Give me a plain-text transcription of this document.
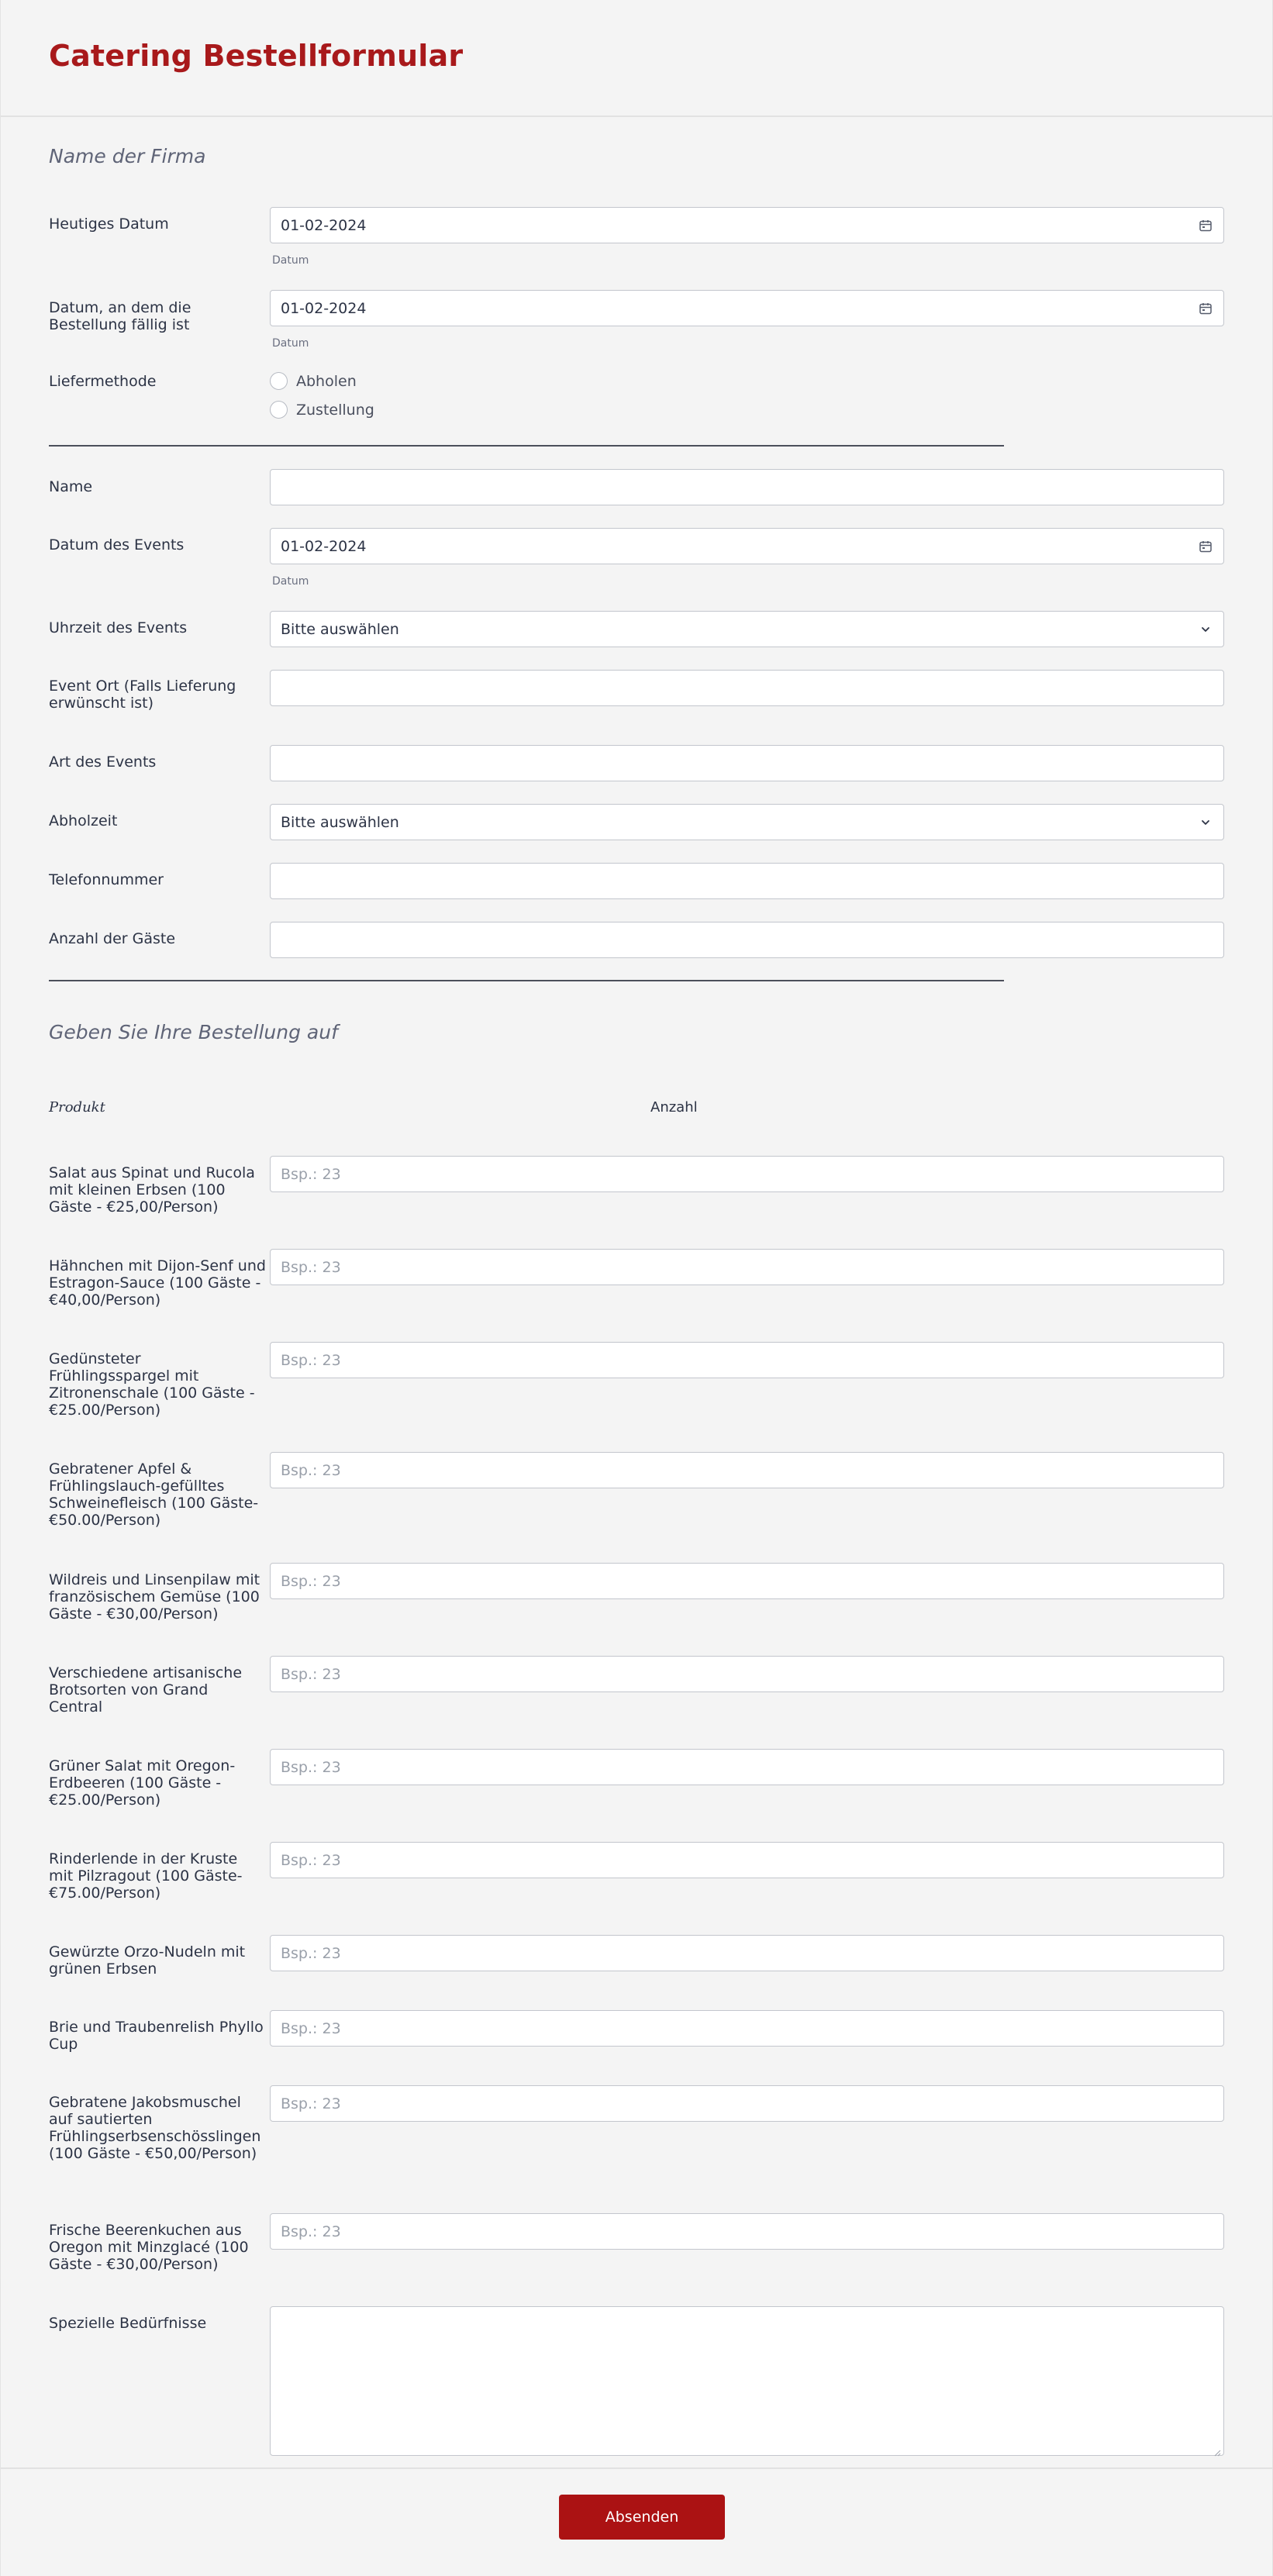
Catering Bestellformular
Name der Firma
Heutiges Datum	01-02-2024
Datum
Datum, an dem die Bestellung fällig ist
01-02-2024
Datum
Liefermethode	Abholen
Zustellung
Name
Datum des Events	01-02-2024
Datum
Uhrzeit des Events	Bitte auswählen
Event Ort (Falls Lieferung erwünscht ist)
Art des Events
Abholzeit	Bitte auswählen
Telefonnummer
Anzahl der Gäste
Geben Sie Ihre Bestellung auf
Produkt	Anzahl
Salat aus Spinat und Rucola mit kleinen Erbsen (100 Gäste - €25,00/Person)
Bsp.: 23
Hähnchen mit Dijon-Senf und Estragon-Sauce (100 Gäste - €40,00/Person)
Bsp.: 23
Gedünsteter Frühlingsspargel mit Zitronenschale (100 Gäste - €25.00/Person)
Bsp.: 23
Gebratener Apfel & Frühlingslauch-gefülltes Schweinefleisch (100 Gäste- €50.00/Person)
Bsp.: 23
Wildreis und Linsenpilaw mit französischem Gemüse (100 Gäste - €30,00/Person)
Bsp.: 23
Verschiedene artisanische Brotsorten von Grand Central
Bsp.: 23
Grüner Salat mit Oregon-Erdbeeren (100 Gäste - €25.00/Person)
Bsp.: 23
Rinderlende in der Kruste mit Pilzragout (100 Gäste- €75.00/Person)
Bsp.: 23
Gewürzte Orzo-Nudeln mit grünen Erbsen
Bsp.: 23
Brie und Traubenrelish Phyllo Cup
Bsp.: 23
Gebratene Jakobsmuschel auf sautierten Frühlingserbsenschösslingen (100 Gäste - €50,00/Person)
Bsp.: 23
Frische Beerenkuchen aus Oregon mit Minzglacé (100 Gäste - €30,00/Person)
Bsp.: 23
Spezielle Bedürfnisse
Absenden
